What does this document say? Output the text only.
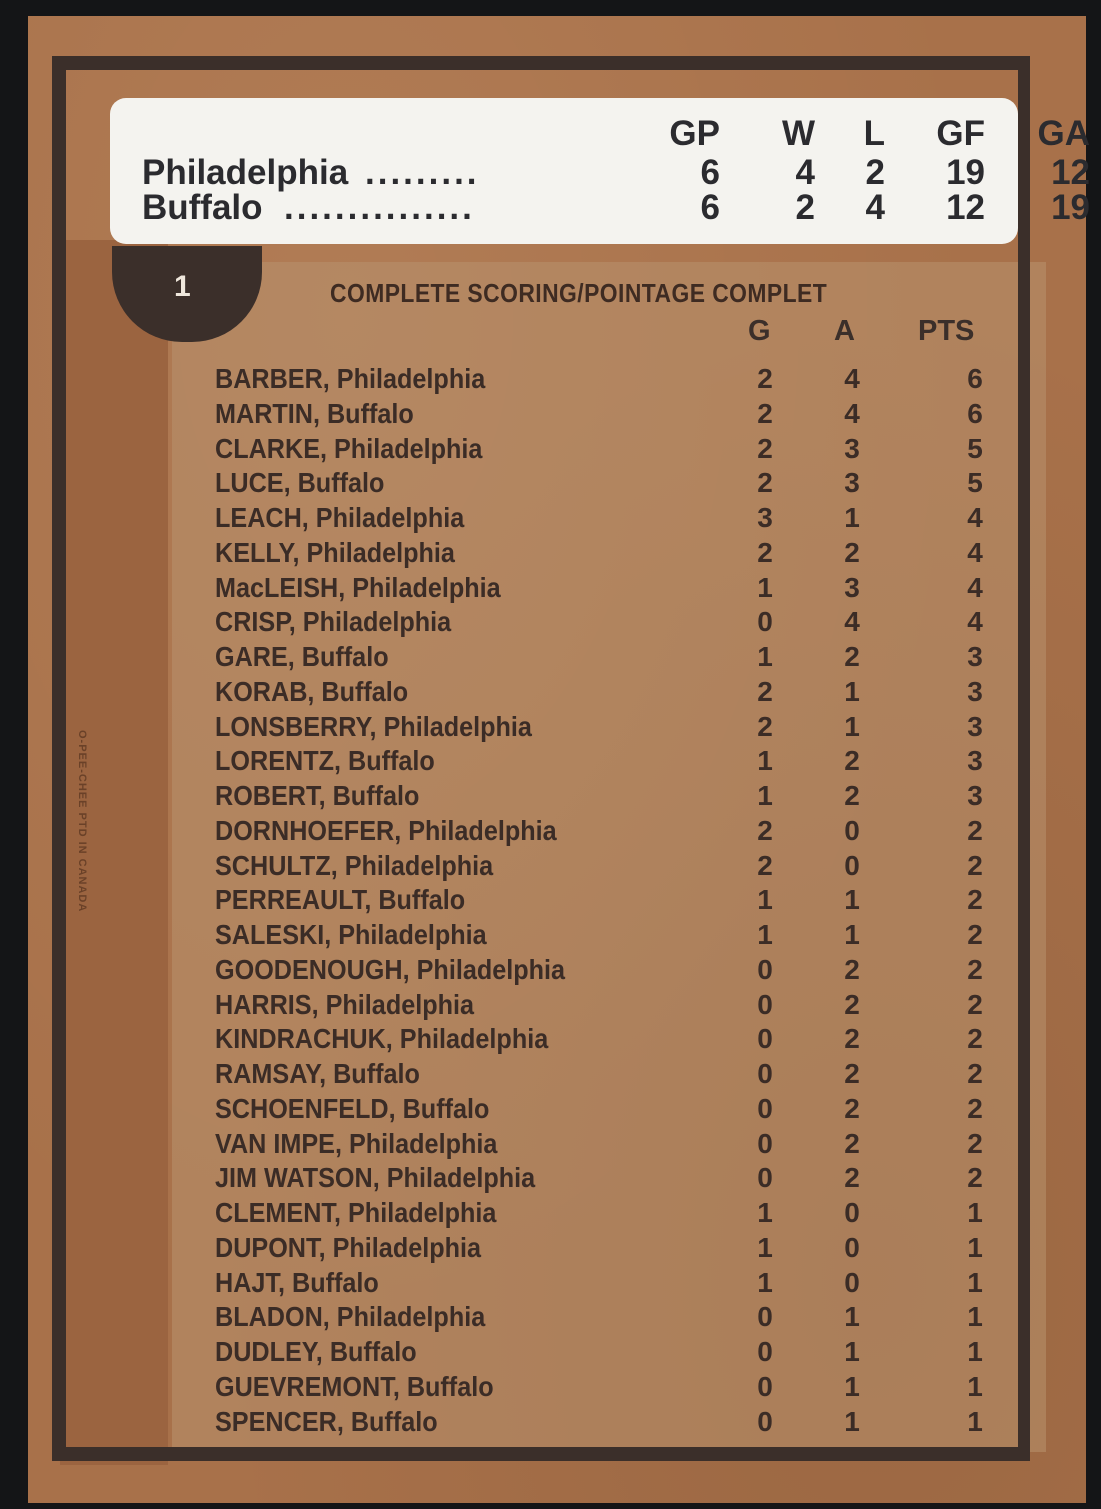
O-PEE-CHEE PTD IN CANADA
GP	W	L	GF	GA
Philadelphia .........	6	4	2	19	12
Buffalo ...............	6	2	4	12	19
1	COMPLETE SCORING/POINTAGE COMPLET
G A PTS
BARBER, Philadelphia	2	4	6
MARTIN, Buffalo	2	4	6
CLARKE, Philadelphia	2	3	5
LUCE, Buffalo	2	3	5
LEACH, Philadelphia	3	1	4
KELLY, Philadelphia	2	2	4
MacLEISH, Philadelphia	1	3	4
CRISP, Philadelphia	0	4	4
GARE, Buffalo	1	2	3
KORAB, Buffalo	2	1	3
LONSBERRY, Philadelphia	2	1	3
LORENTZ, Buffalo	1	2	3
ROBERT, Buffalo	1	2	3
DORNHOEFER, Philadelphia	2	0	2
SCHULTZ, Philadelphia	2	0	2
PERREAULT, Buffalo	1	1	2
SALESKI, Philadelphia	1	1	2
GOODENOUGH, Philadelphia	0	2	2
HARRIS, Philadelphia	0	2	2
KINDRACHUK, Philadelphia	0	2	2
RAMSAY, Buffalo	0	2	2
SCHOENFELD, Buffalo	0	2	2
VAN IMPE, Philadelphia	0	2	2
JIM WATSON, Philadelphia	0	2	2
CLEMENT, Philadelphia	1	0	1
DUPONT, Philadelphia	1	0	1
HAJT, Buffalo	1	0	1
BLADON, Philadelphia	0	1	1
DUDLEY, Buffalo	0	1	1
GUEVREMONT, Buffalo	0	1	1
SPENCER, Buffalo	0	1	1
